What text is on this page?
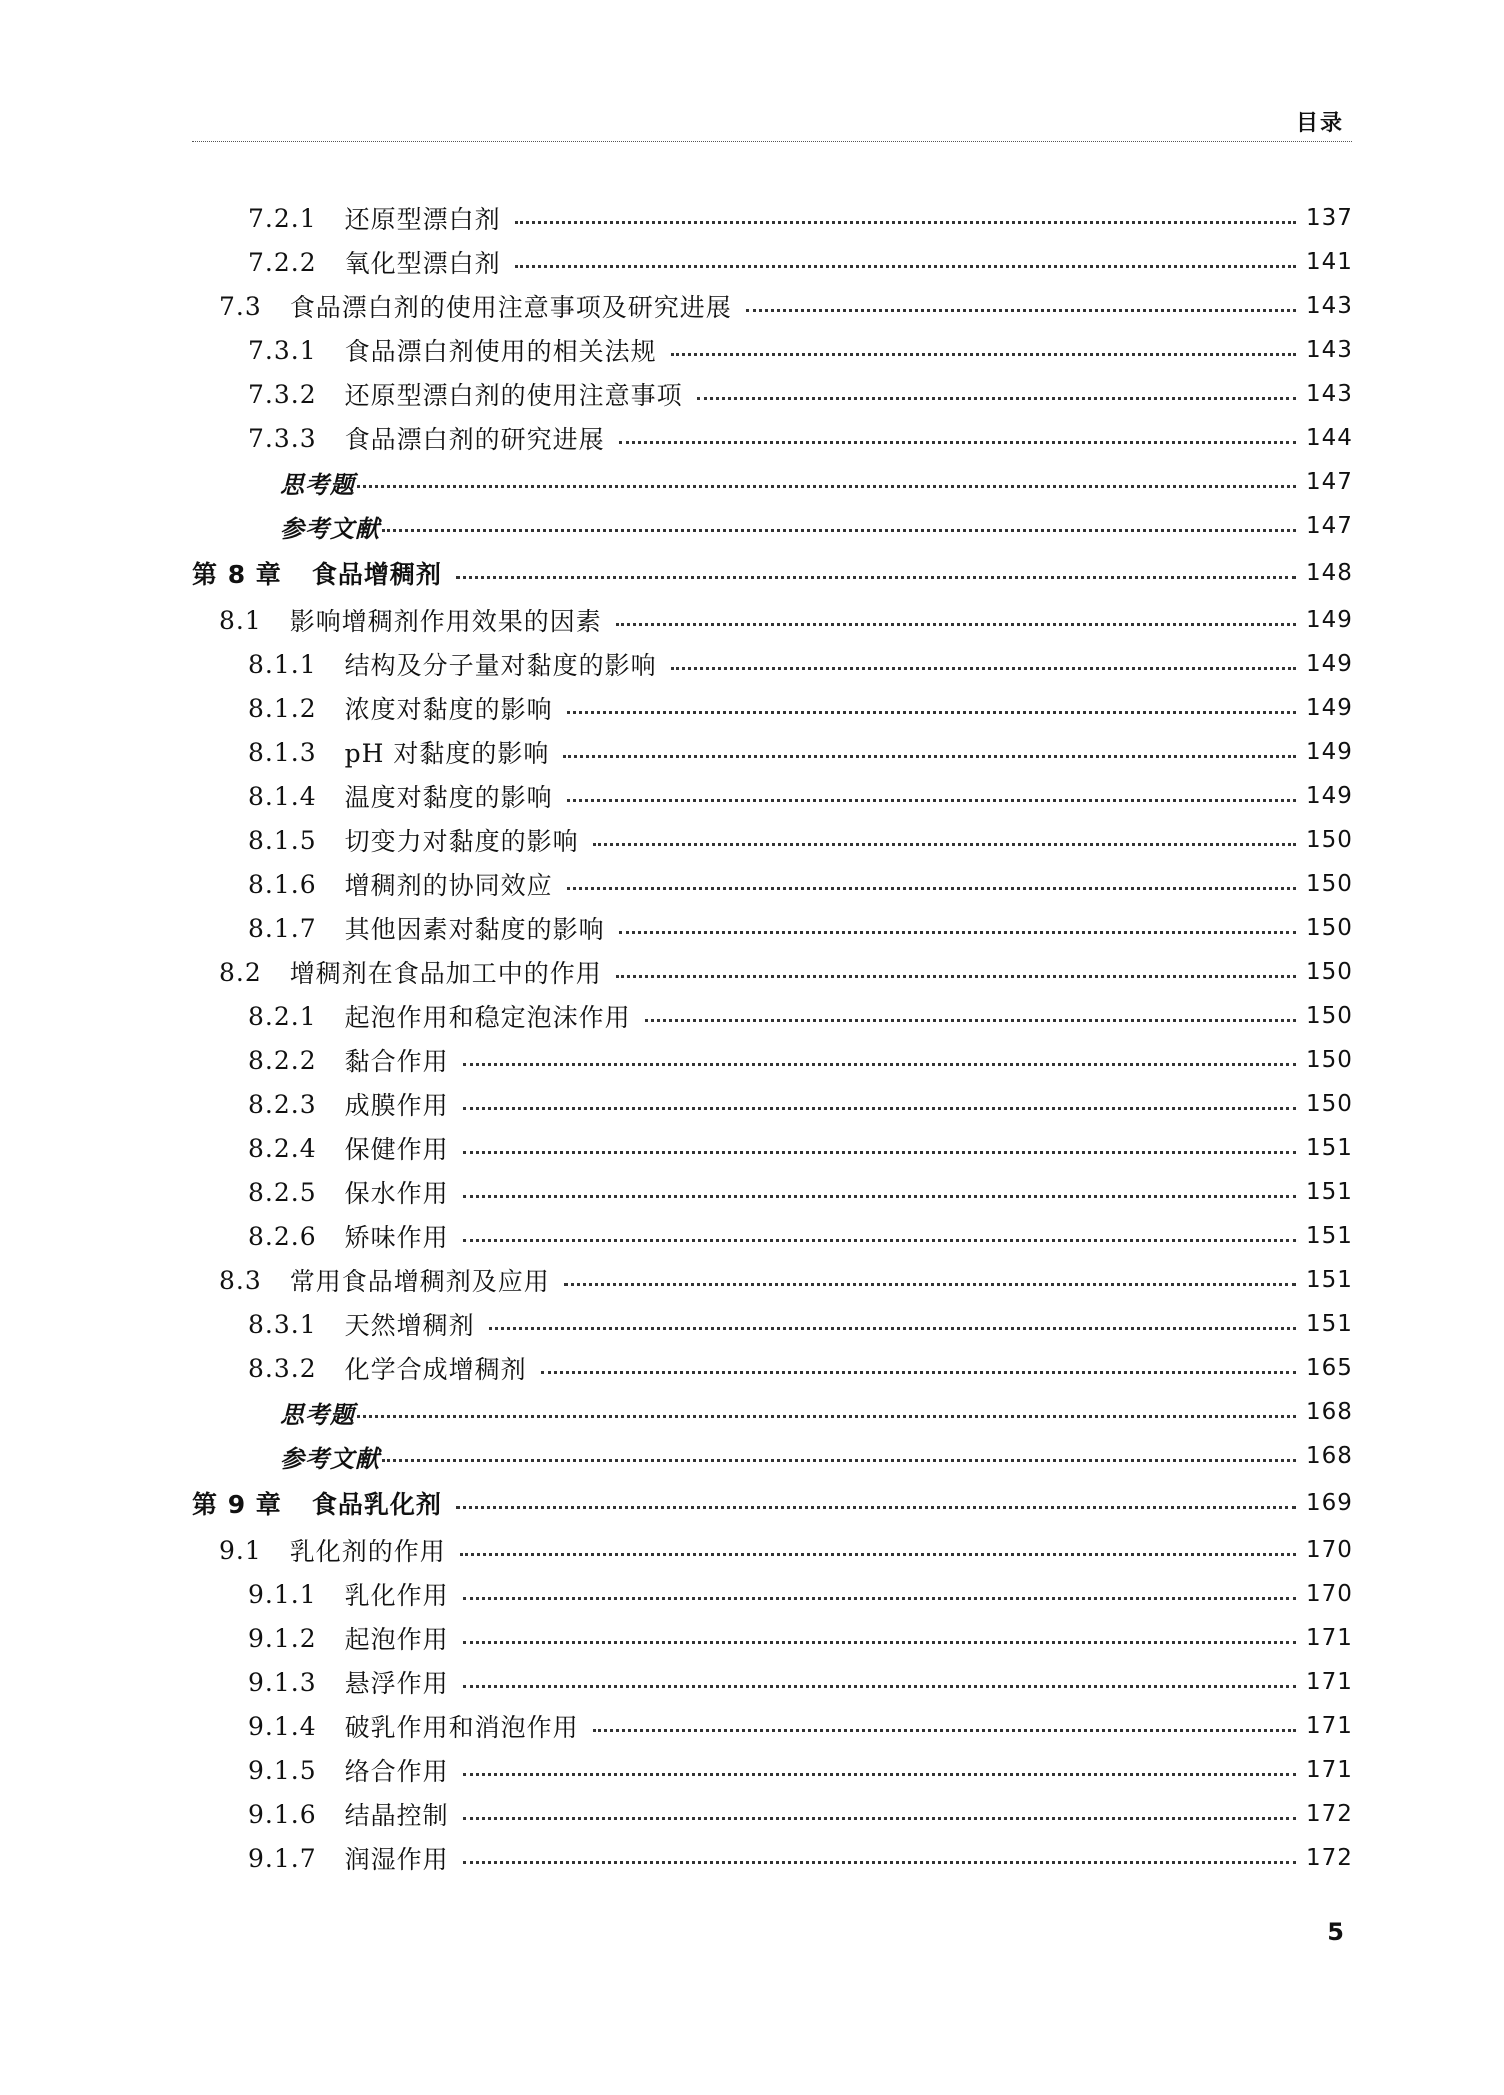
目录
7.2.1 还原型漂白剂	137
7.2.2 氧化型漂白剂	141
7.3 食品漂白剂的使用注意事项及研究进展	143
7.3.1 食品漂白剂使用的相关法规	143
7.3.2 还原型漂白剂的使用注意事项	143
7.3.3 食品漂白剂的研究进展	144
思考题	147
参考文献	147
第 8 章 食品增稠剂	148
8.1 影响增稠剂作用效果的因素	149
8.1.1 结构及分子量对黏度的影响	149
8.1.2 浓度对黏度的影响	149
8.1.3 pH 对黏度的影响	149
8.1.4 温度对黏度的影响	149
8.1.5 切变力对黏度的影响	150
8.1.6 增稠剂的协同效应	150
8.1.7 其他因素对黏度的影响	150
8.2 增稠剂在食品加工中的作用	150
8.2.1 起泡作用和稳定泡沫作用	150
8.2.2 黏合作用	150
8.2.3 成膜作用	150
8.2.4 保健作用	151
8.2.5 保水作用	151
8.2.6 矫味作用	151
8.3 常用食品增稠剂及应用	151
8.3.1 天然增稠剂	151
8.3.2 化学合成增稠剂	165
思考题	168
参考文献	168
第 9 章 食品乳化剂	169
9.1 乳化剂的作用	170
9.1.1 乳化作用	170
9.1.2 起泡作用	171
9.1.3 悬浮作用	171
9.1.4 破乳作用和消泡作用	171
9.1.5 络合作用	171
9.1.6 结晶控制	172
9.1.7 润湿作用	172
5
